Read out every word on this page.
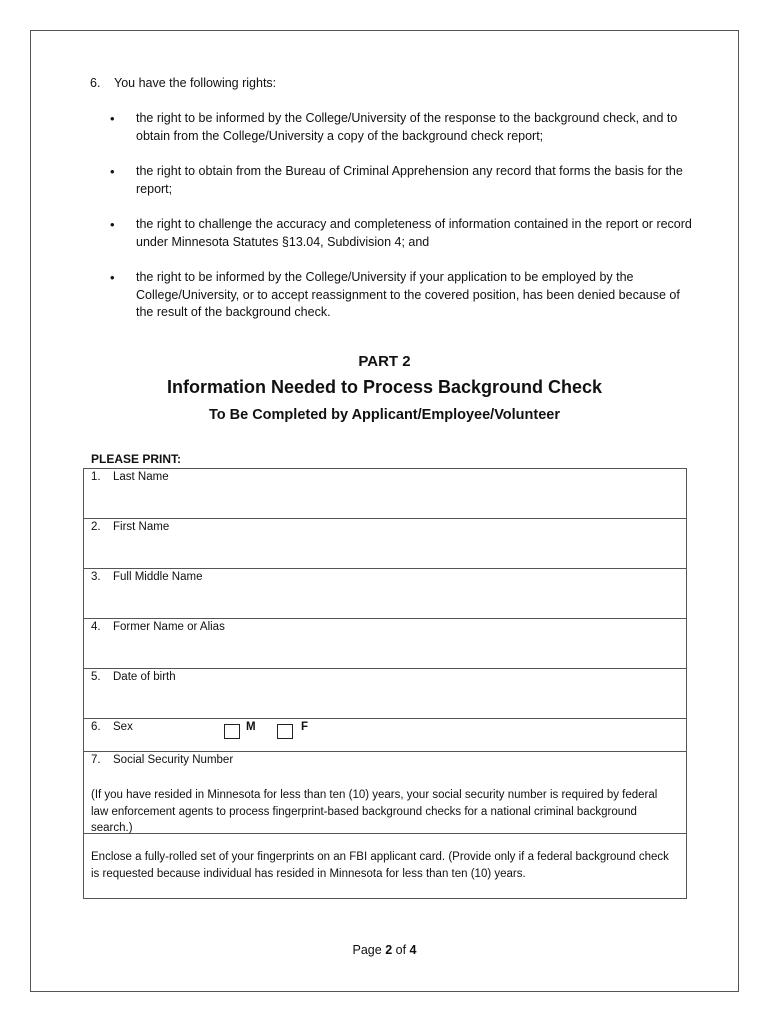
6. You have the following rights:
• the right to be informed by the College/University of the response to the background check, and to obtain from the College/University a copy of the background check report;
• the right to obtain from the Bureau of Criminal Apprehension any record that forms the basis for the report;
• the right to challenge the accuracy and completeness of information contained in the report or record under Minnesota Statutes §13.04, Subdivision 4; and
• the right to be informed by the College/University if your application to be employed by the College/University, or to accept reassignment to the covered position, has been denied because of the result of the background check.
PART 2
Information Needed to Process Background Check
To Be Completed by Applicant/Employee/Volunteer
PLEASE PRINT:
1. Last Name
2. First Name
3. Full Middle Name
4. Former Name or Alias
5. Date of birth
6. Sex	M	F
7. Social Security Number
(If you have resided in Minnesota for less than ten (10) years, your social security number is required by federal law enforcement agents to process fingerprint-based background checks for a national criminal background search.)
Enclose a fully-rolled set of your fingerprints on an FBI applicant card. (Provide only if a federal background check is requested because individual has resided in Minnesota for less than ten (10) years.
Page 2 of 4
